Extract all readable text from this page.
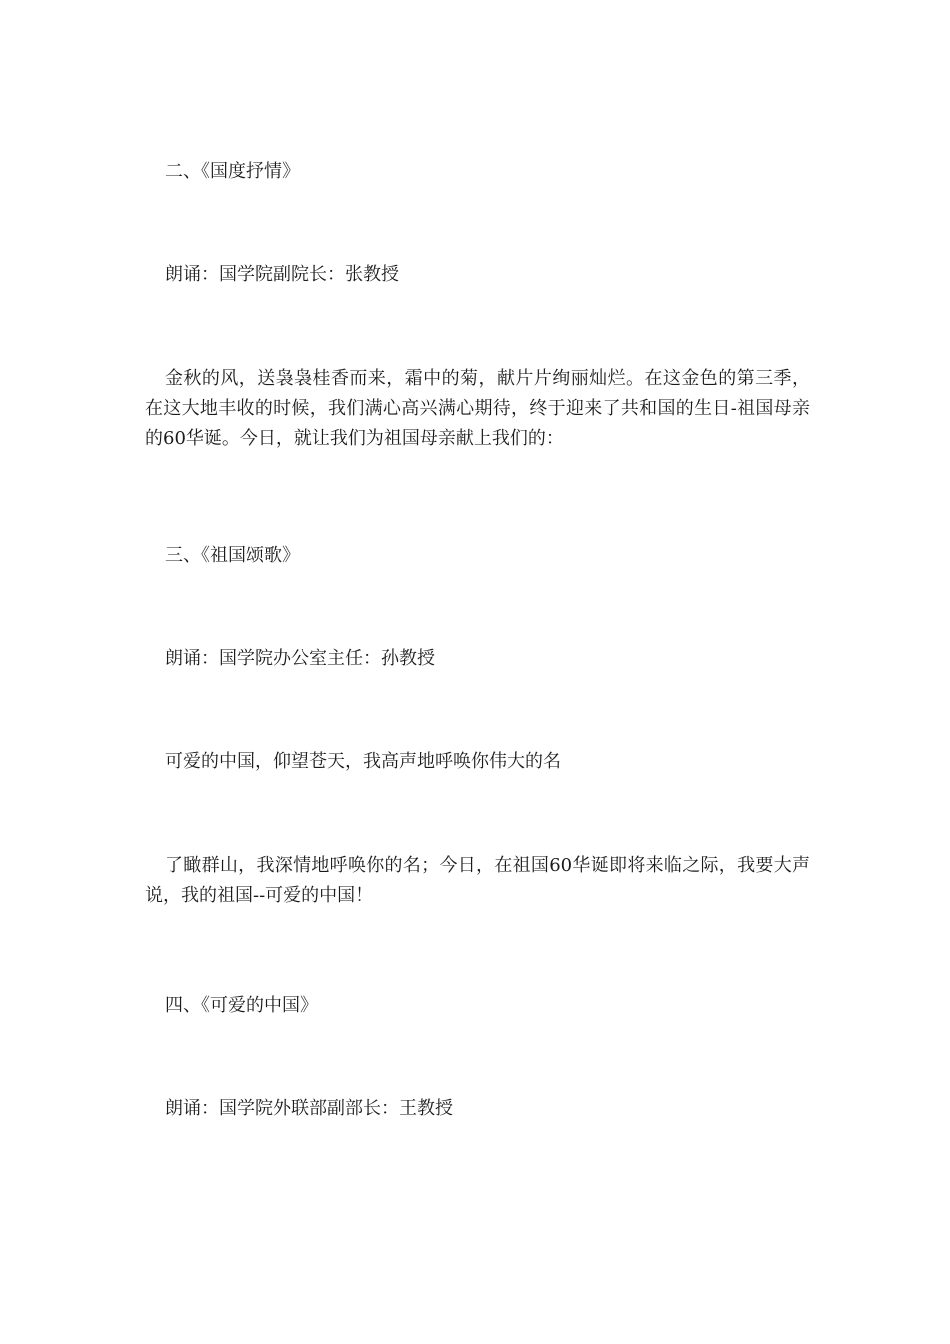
二、《国度抒情》
朗诵：国学院副院长：张教授
金秋的风，送袅袅桂香而来，霜中的菊，献片片绚丽灿烂。在这金色的第三季，在这大地丰收的时候，我们满心高兴满心期待，终于迎来了共和国的生日-祖国母亲的60华诞。今日，就让我们为祖国母亲献上我们的：
三、《祖国颂歌》
朗诵：国学院办公室主任：孙教授
可爱的中国，仰望苍天，我高声地呼唤你伟大的名
了瞰群山，我深情地呼唤你的名；今日，在祖国60华诞即将来临之际，我要大声说，我的祖国--可爱的中国！
四、《可爱的中国》
朗诵：国学院外联部副部长：王教授
